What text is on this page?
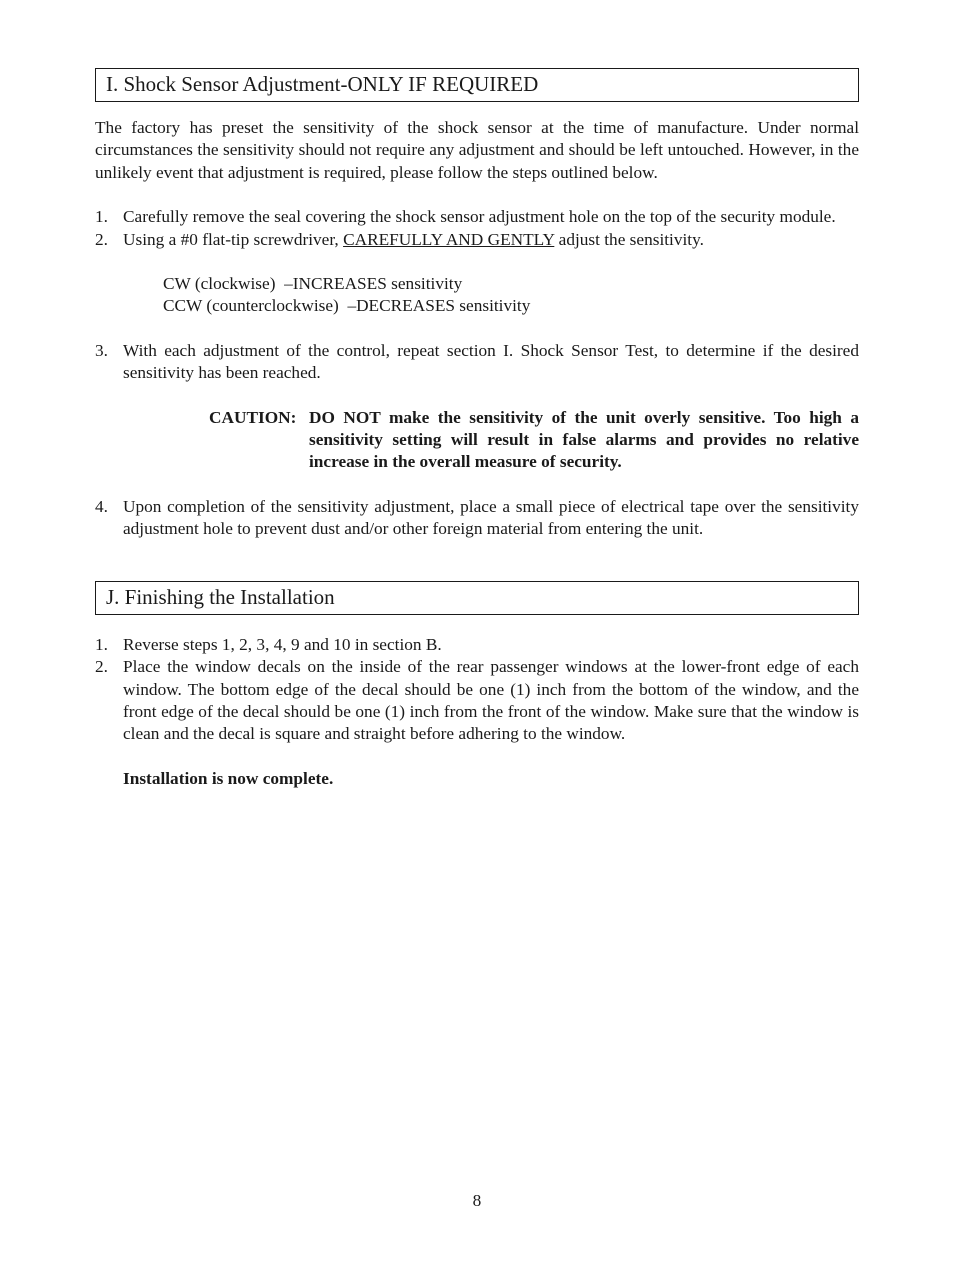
I. Shock Sensor Adjustment-ONLY IF REQUIRED
The factory has preset the sensitivity of the shock sensor at the time of manufacture. Under normal circumstances the sensitivity should not require any adjustment and should be left untouched. However, in the unlikely event that adjustment is required, please follow the steps outlined below.
1. Carefully remove the seal covering the shock sensor adjustment hole on the top of the security module.
2. Using a #0 flat-tip screwdriver, CAREFULLY AND GENTLY adjust the sensitivity.
CW (clockwise)  –INCREASES sensitivity
CCW (counterclockwise)  –DECREASES sensitivity
3. With each adjustment of the control, repeat section I. Shock Sensor Test, to determine if the desired sensitivity has been reached.
CAUTION: DO NOT make the sensitivity of the unit overly sensitive. Too high a sensitivity setting will result in false alarms and provides no relative increase in the overall measure of security.
4. Upon completion of the sensitivity adjustment, place a small piece of electrical tape over the sensitivity adjustment hole to prevent dust and/or other foreign material from entering the unit.
J. Finishing the Installation
1. Reverse steps 1, 2, 3, 4, 9 and 10 in section B.
2. Place the window decals on the inside of the rear passenger windows at the lower-front edge of each window. The bottom edge of the decal should be one (1) inch from the bottom of the window, and the front edge of the decal should be one (1) inch from the front of the window. Make sure that the window is clean and the decal is square and straight before adhering to the window.
Installation is now complete.
8
